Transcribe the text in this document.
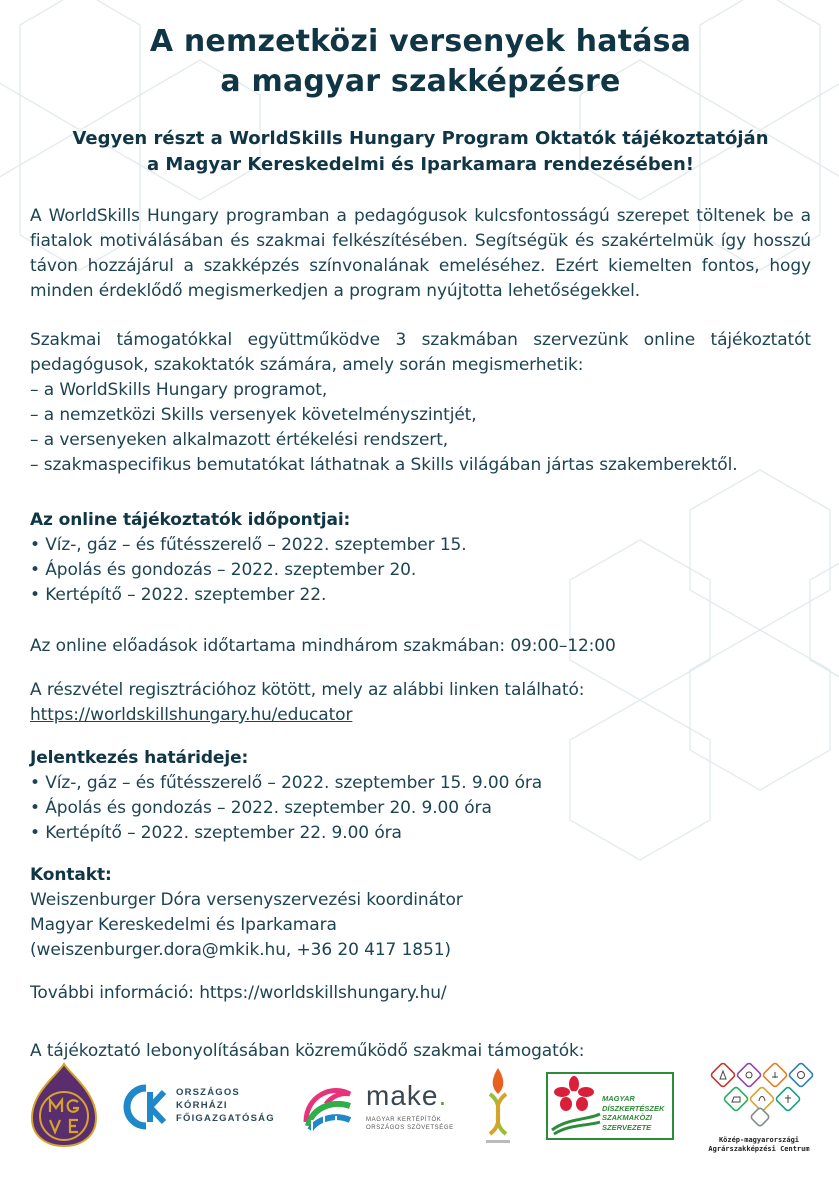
A nemzetközi versenyek hatása
a magyar szakképzésre
Vegyen részt a WorldSkills Hungary Program Oktatók tájékoztatóján
a Magyar Kereskedelmi és Iparkamara rendezésében!

A WorldSkills Hungary programban a pedagógusok kulcsfontosságú szerepet töltenek be a fiatalok motiválásában és szakmai felkészítésében. Segítségük és szakértelmük így hosszú távon hozzájárul a szakképzés színvonalának emeléséhez. Ezért kiemelten fontos, hogy minden érdeklődő megismerkedjen a program nyújtotta lehetőségekkel.

Szakmai támogatókkal együttműködve 3 szakmában szervezünk online tájékoztatót pedagógusok, szakoktatók számára, amely során megismerhetik:

– a WorldSkills Hungary programot,
– a nemzetközi Skills versenyek követelményszintjét,
– a versenyeken alkalmazott értékelési rendszert,
– szakmaspecifikus bemutatókat láthatnak a Skills világában jártas szakemberektől.
Az online tájékoztatók időpontjai:
• Víz-, gáz – és fűtésszerelő – 2022. szeptember 15.
• Ápolás és gondozás – 2022. szeptember 20.
• Kertépítő – 2022. szeptember 22.

Az online előadások időtartama mindhárom szakmában: 09:00–12:00

A részvétel regisztrációhoz kötött, mely az alábbi linken található:
https://worldskillshungary.hu/educator
Jelentkezés határideje:
• Víz-, gáz – és fűtésszerelő – 2022. szeptember 15. 9.00 óra
• Ápolás és gondozás – 2022. szeptember 20. 9.00 óra
• Kertépítő – 2022. szeptember 22. 9.00 óra
Kontakt:
Weiszenburger Dóra versenyszervezési koordinátor
Magyar Kereskedelmi és Iparkamara
(weiszenburger.dora@mkik.hu, +36 20 417 1851)

További információ: https://worldskillshungary.hu/

A tájékoztató lebonyolításában közreműködő szakmai támogatók:

ORSZÁGOS
KÓRHÁZI
FŐIGAZGATÓSÁG
make.
MAGYAR KERTÉPÍTŐK
ORSZÁGOS SZÖVETSÉGE
MAGYAR
DÍSZKERTÉSZEK
SZAKMAKÖZI
SZERVEZETE
Közép-magyarországi
Agrárszakképzési Centrum
